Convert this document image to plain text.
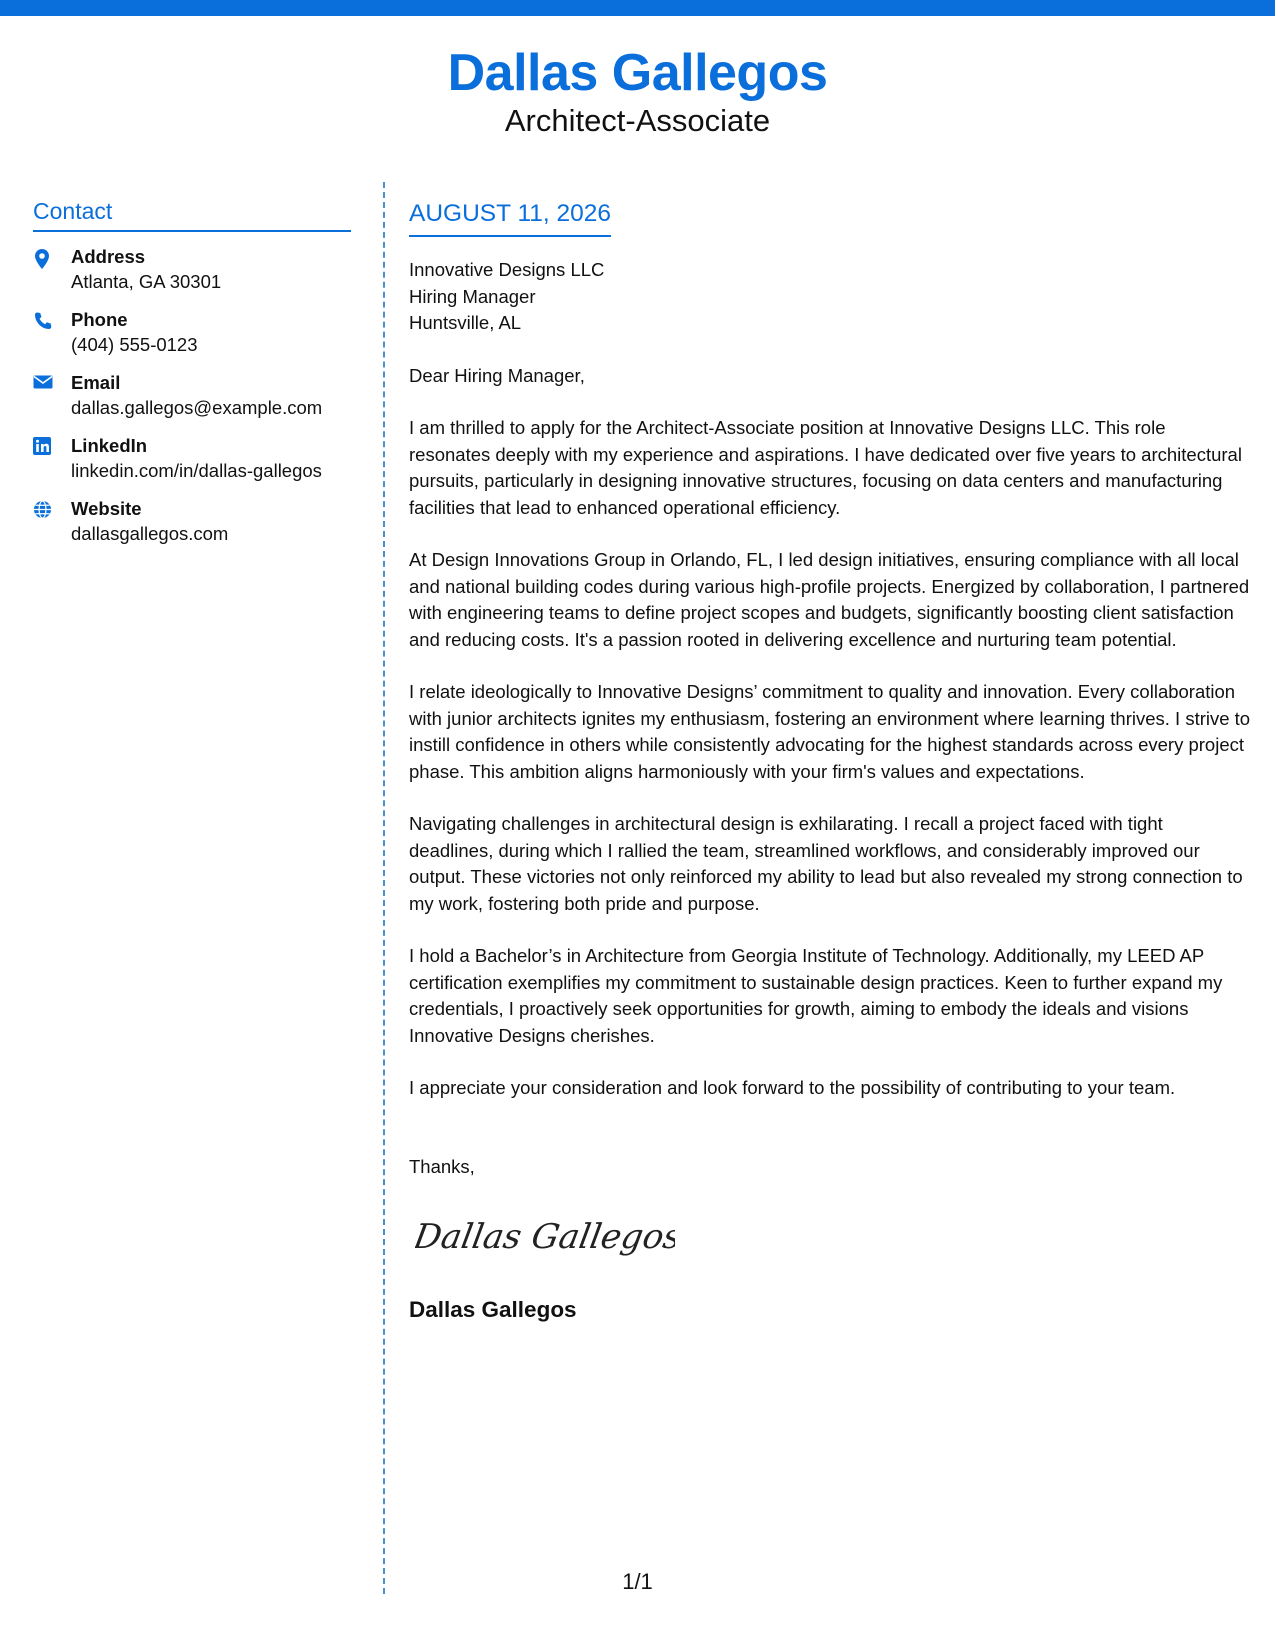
Dallas Gallegos
Architect-Associate
Contact
Address
Atlanta, GA 30301
Phone
(404) 555-0123
Email
dallas.gallegos@example.com
LinkedIn
linkedin.com/in/dallas-gallegos
Website
dallasgallegos.com
AUGUST 11, 2026
Innovative Designs LLC
Hiring Manager
Huntsville, AL
Dear Hiring Manager,
I am thrilled to apply for the Architect-Associate position at Innovative Designs LLC. This role resonates deeply with my experience and aspirations. I have dedicated over five years to architectural pursuits, particularly in designing innovative structures, focusing on data centers and manufacturing facilities that lead to enhanced operational efficiency.
At Design Innovations Group in Orlando, FL, I led design initiatives, ensuring compliance with all local and national building codes during various high-profile projects. Energized by collaboration, I partnered with engineering teams to define project scopes and budgets, significantly boosting client satisfaction and reducing costs. It's a passion rooted in delivering excellence and nurturing team potential.
I relate ideologically to Innovative Designs’ commitment to quality and innovation. Every collaboration with junior architects ignites my enthusiasm, fostering an environment where learning thrives. I strive to instill confidence in others while consistently advocating for the highest standards across every project phase. This ambition aligns harmoniously with your firm's values and expectations.
Navigating challenges in architectural design is exhilarating. I recall a project faced with tight deadlines, during which I rallied the team, streamlined workflows, and considerably improved our output. These victories not only reinforced my ability to lead but also revealed my strong connection to my work, fostering both pride and purpose.
I hold a Bachelor’s in Architecture from Georgia Institute of Technology. Additionally, my LEED AP certification exemplifies my commitment to sustainable design practices. Keen to further expand my credentials, I proactively seek opportunities for growth, aiming to embody the ideals and visions Innovative Designs cherishes.
I appreciate your consideration and look forward to the possibility of contributing to your team.
Thanks,
Dallas Gallegos
Dallas Gallegos
1/1
